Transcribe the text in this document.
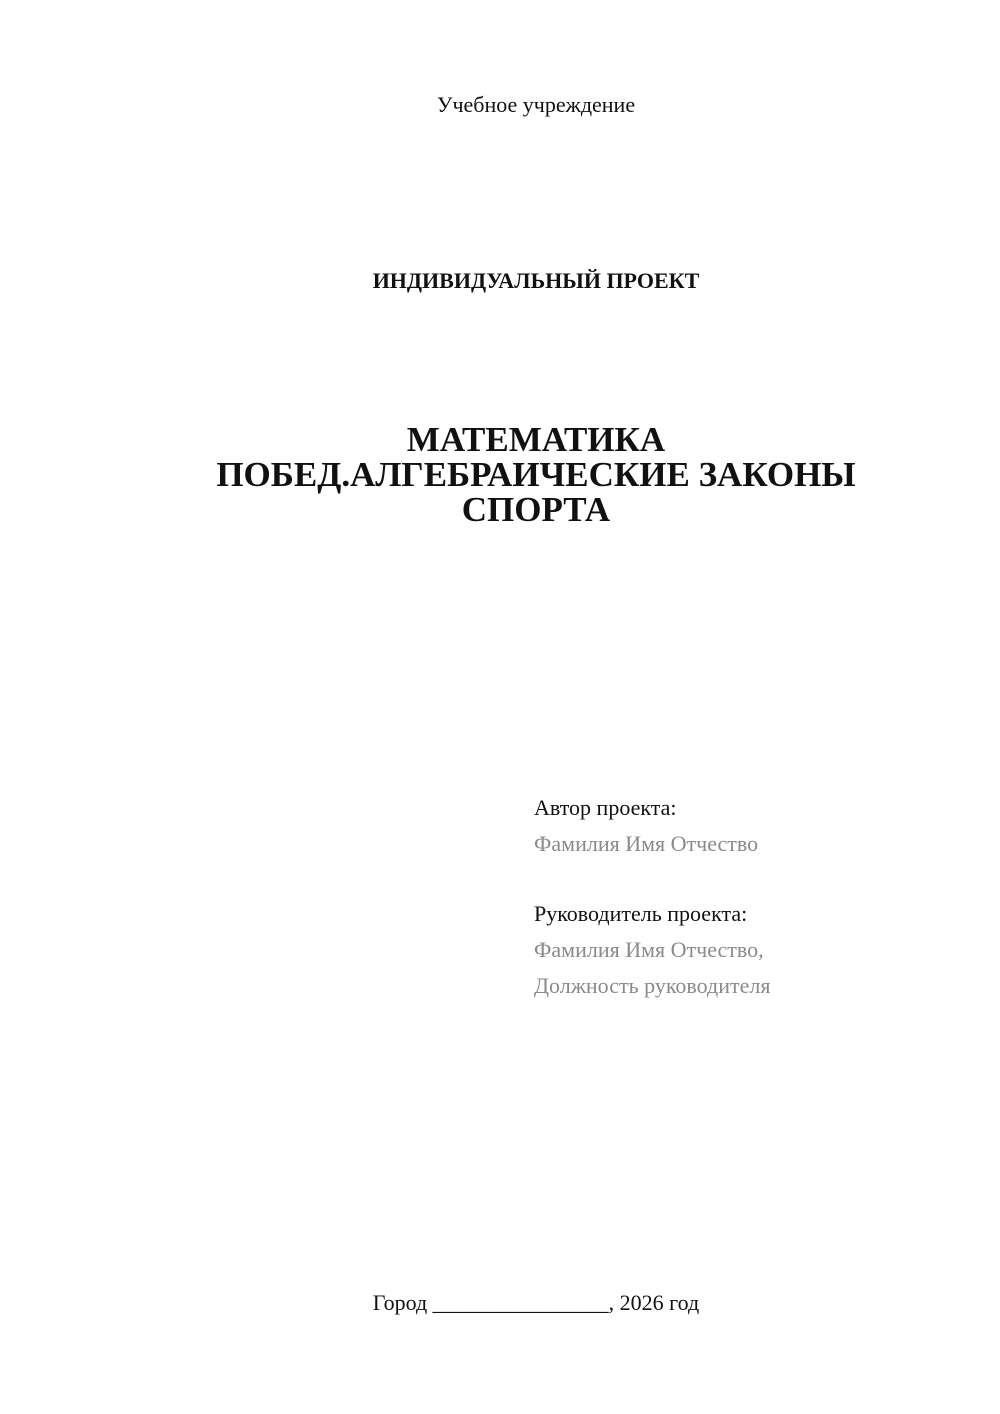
Учебное учреждение
ИНДИВИДУАЛЬНЫЙ ПРОЕКТ
МАТЕМАТИКА
ПОБЕД.АЛГЕБРАИЧЕСКИЕ ЗАКОНЫ
СПОРТА
Автор проекта:
Фамилия Имя Отчество
Руководитель проекта:
Фамилия Имя Отчество,
Должность руководителя
Город ________________, 2026 год
